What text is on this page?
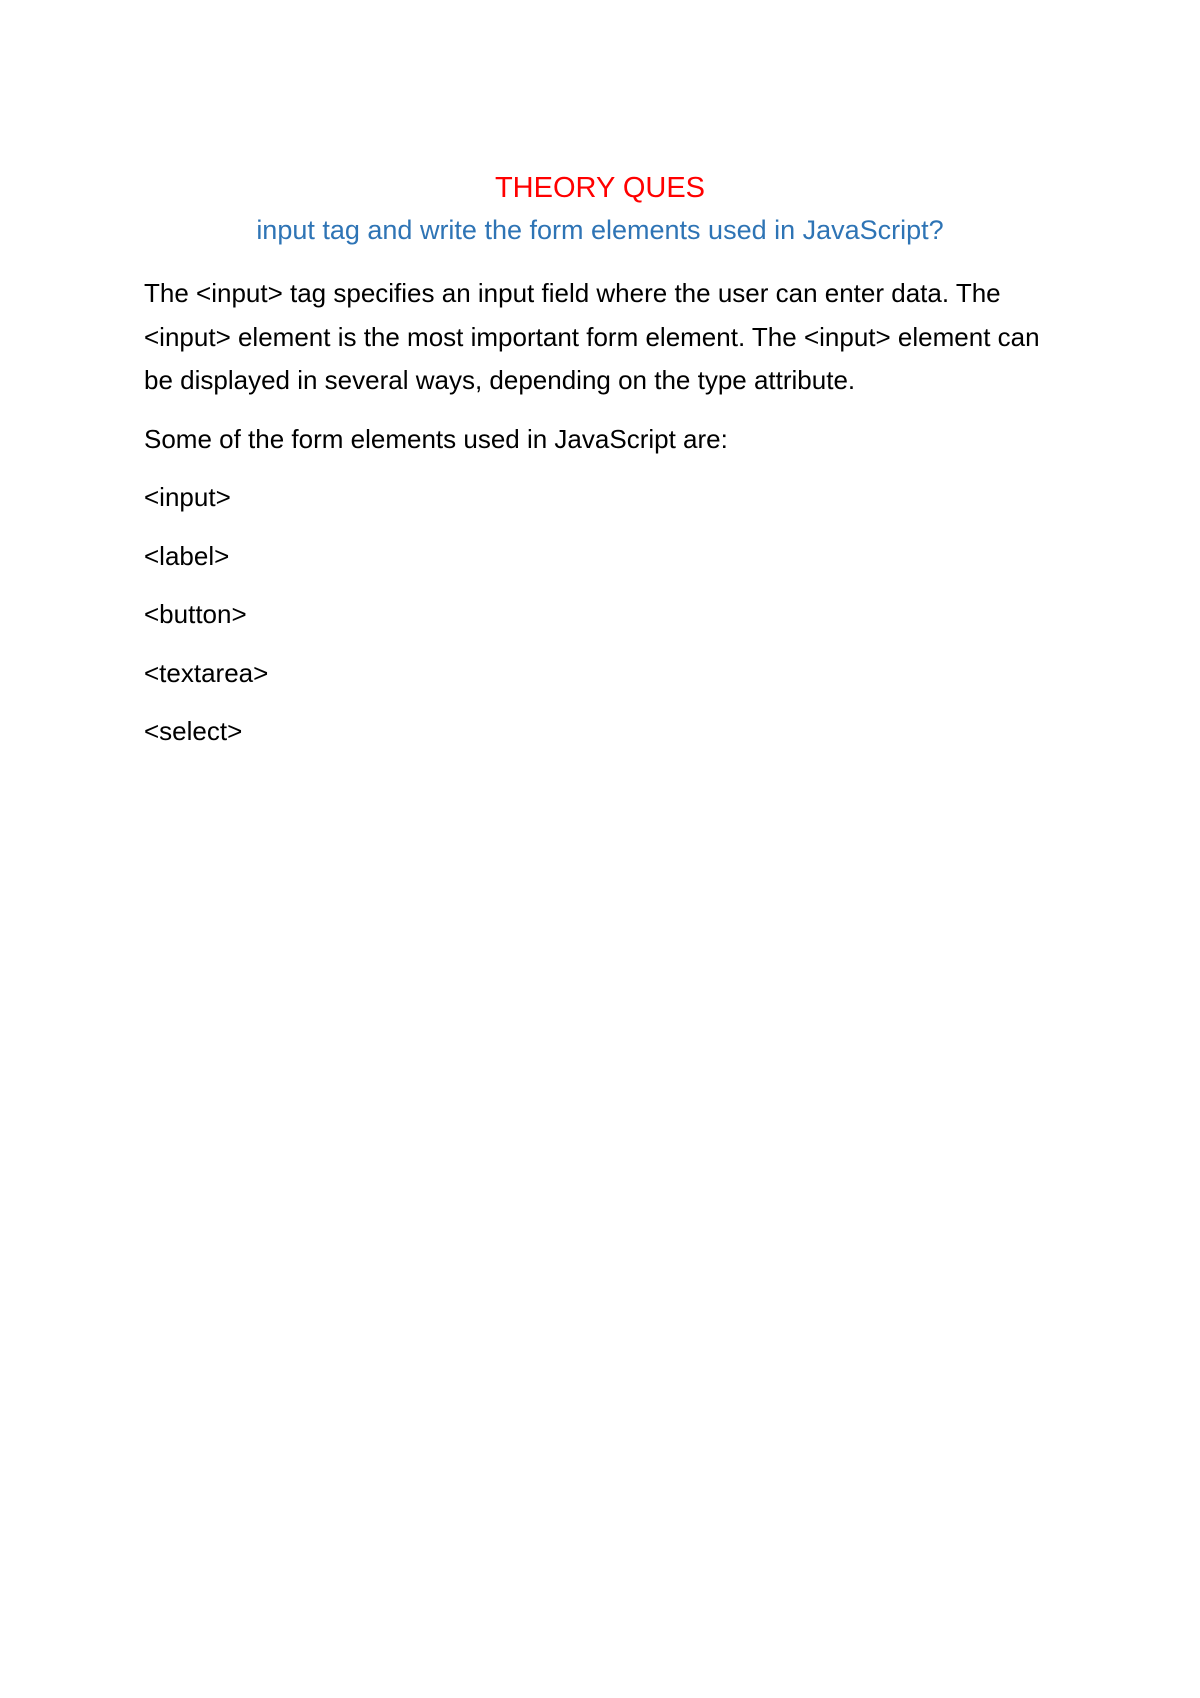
THEORY QUES
input tag and write the form elements used in JavaScript?

The <input> tag specifies an input field where the user can enter data. The <input> element is the most important form element. The <input> element can be displayed in several ways, depending on the type attribute.

Some of the form elements used in JavaScript are:

<input>
<label>
<button>
<textarea>
<select>
